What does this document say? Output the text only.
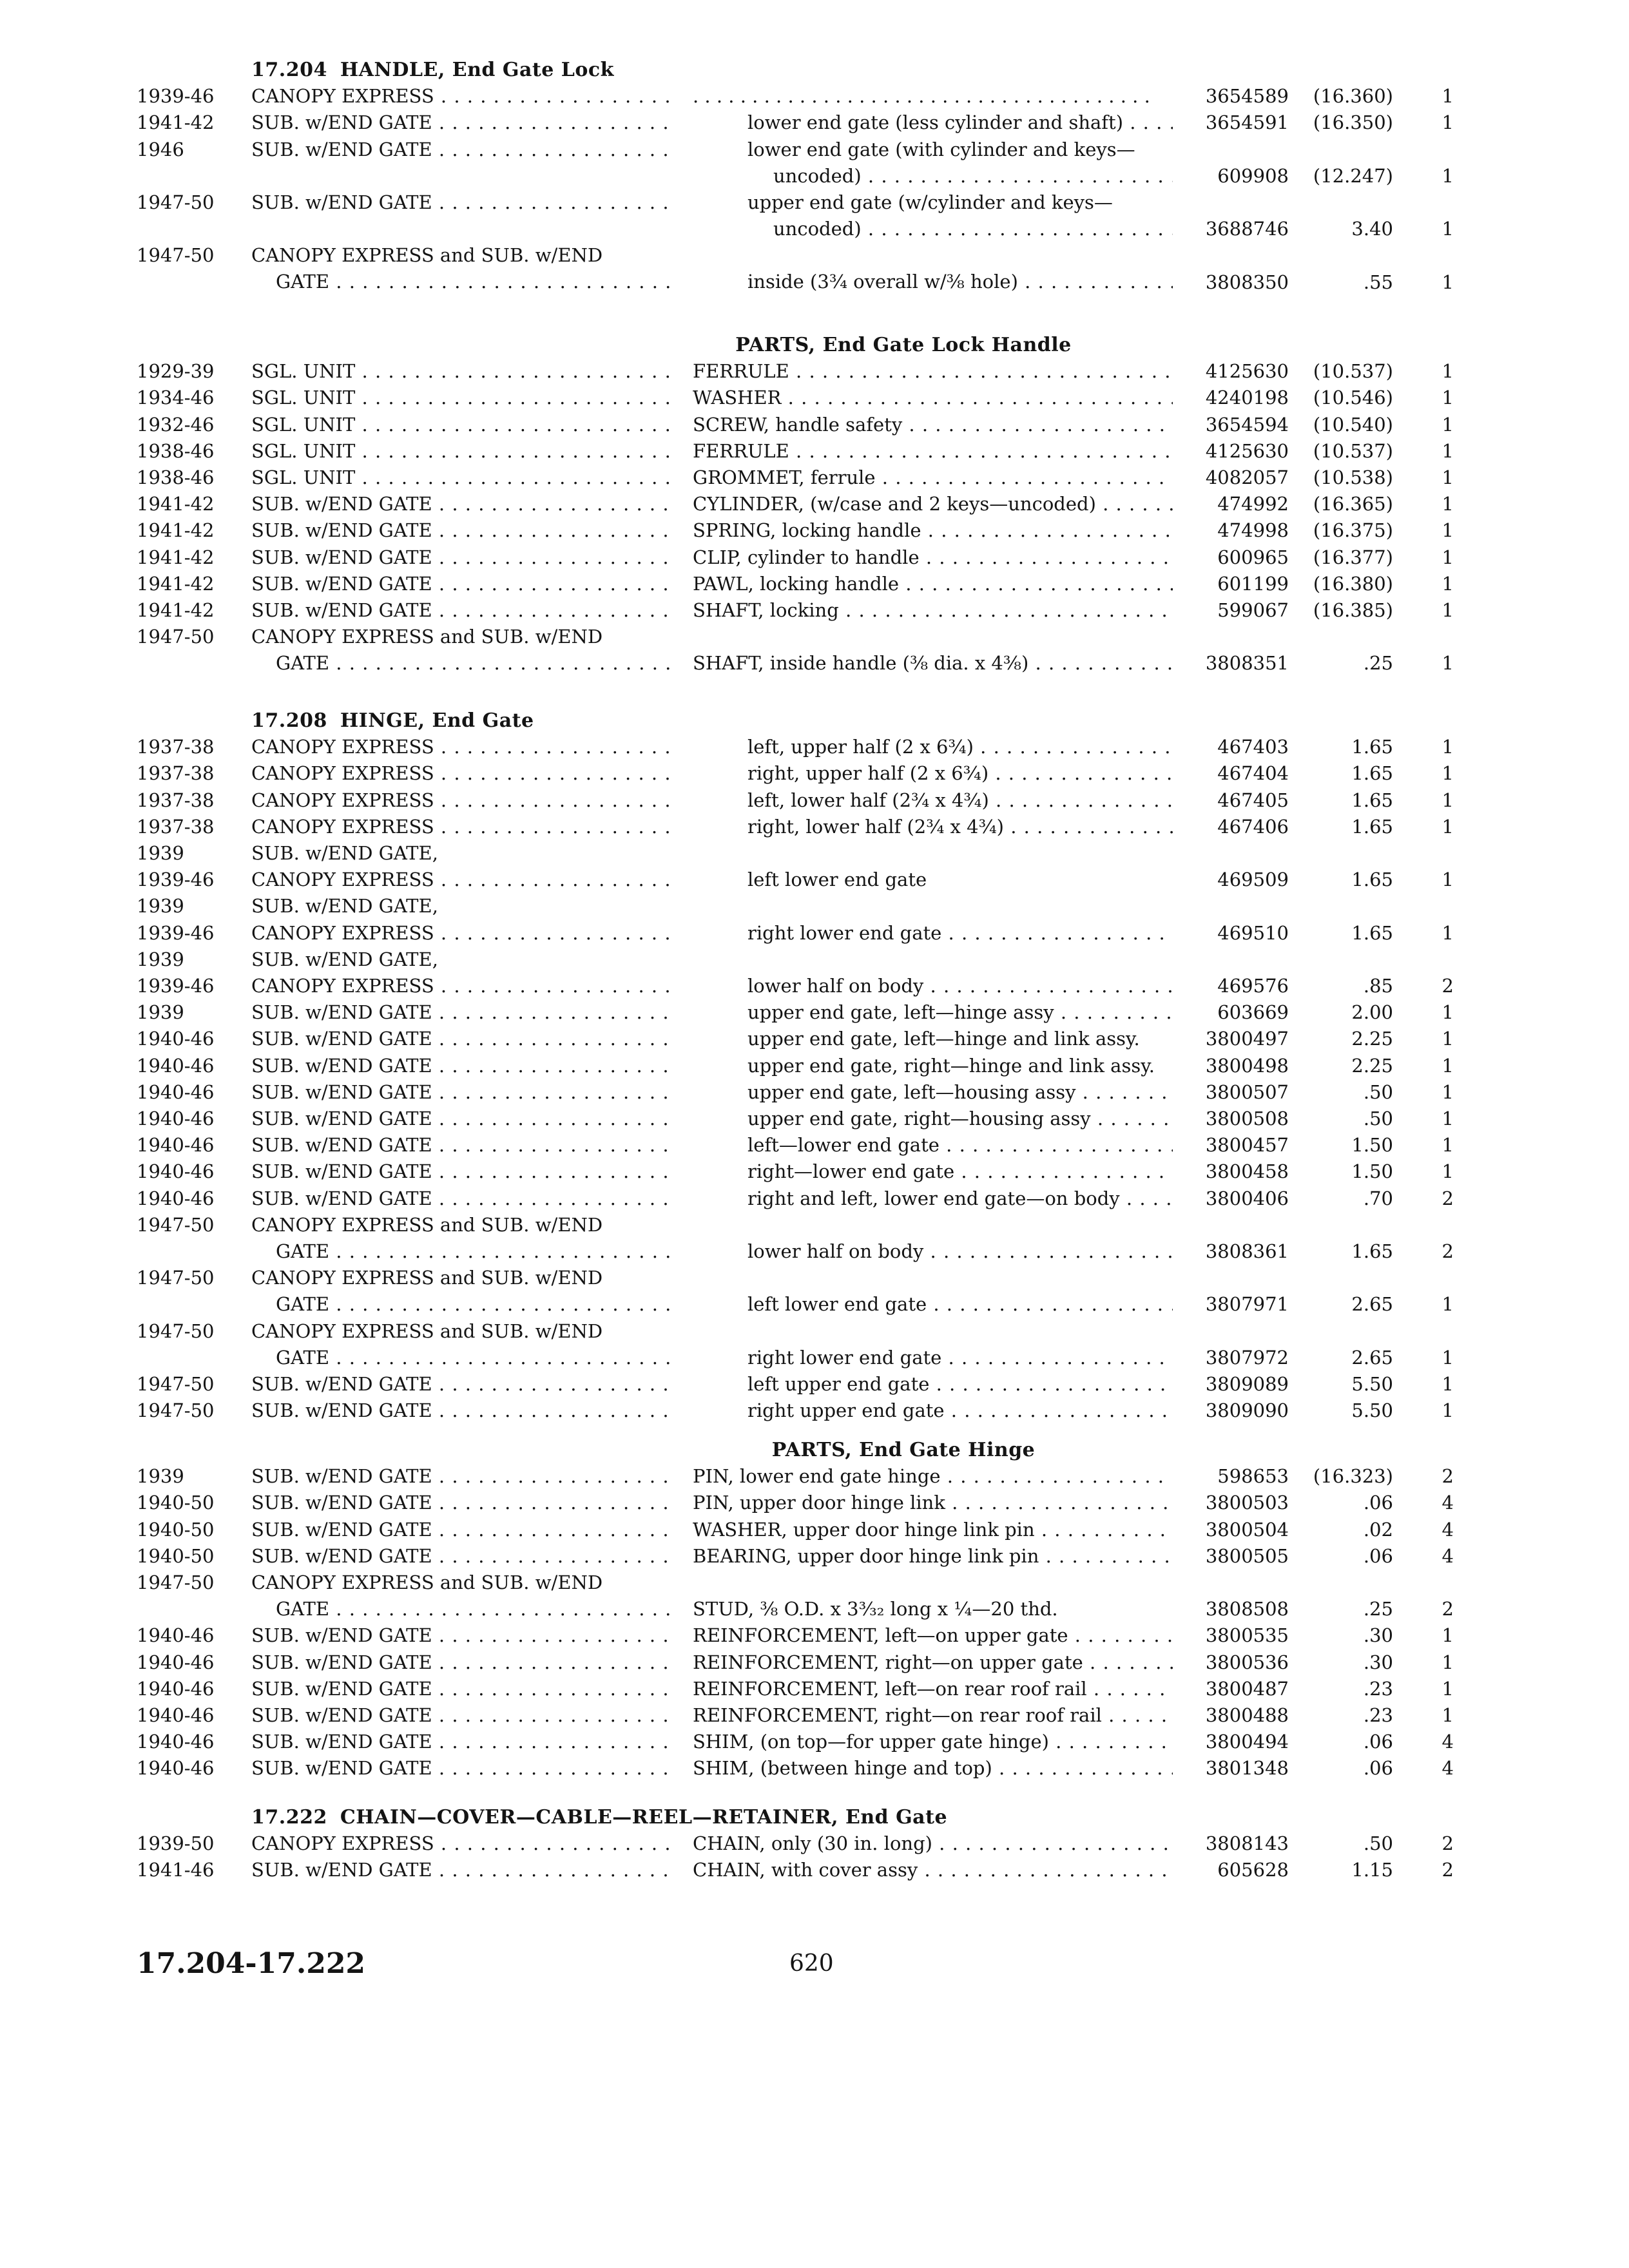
17.204 HANDLE, End Gate Lock
1939-46	CANOPY EXPRESS . . .	. . . . . . . . . . . . . . . . . . . . . . . . . . . . . . . . . . . . . . .	3654589	(16.360)	1
1941-42	SUB. w/END GATE . . .	lower end gate (less cylinder and shaft) . . .	3654591	(16.350)	1
1946	SUB. w/END GATE . . .	lower end gate (with cylinder and keys—
uncoded) . . .	609908	(12.247)	1
1947-50	SUB. w/END GATE . . .	upper end gate (w/cylinder and keys—
uncoded) . . .	3688746	3.40	1
1947-50	CANOPY EXPRESS and SUB. w/END
GATE . . .	inside (3¾ overall w/⅜ hole) . . .	3808350	.55	1
PARTS, End Gate Lock Handle
1929-39	SGL. UNIT . . .	FERRULE . . .	4125630	(10.537)	1
1934-46	SGL. UNIT . . .	WASHER . . .	4240198	(10.546)	1
1932-46	SGL. UNIT . . .	SCREW, handle safety . . .	3654594	(10.540)	1
1938-46	SGL. UNIT . . .	FERRULE . . .	4125630	(10.537)	1
1938-46	SGL. UNIT . . .	GROMMET, ferrule . . .	4082057	(10.538)	1
1941-42	SUB. w/END GATE . . .	CYLINDER, (w/case and 2 keys—uncoded) . . .	474992	(16.365)	1
1941-42	SUB. w/END GATE . . .	SPRING, locking handle . . .	474998	(16.375)	1
1941-42	SUB. w/END GATE . . .	CLIP, cylinder to handle . . .	600965	(16.377)	1
1941-42	SUB. w/END GATE . . .	PAWL, locking handle . . .	601199	(16.380)	1
1941-42	SUB. w/END GATE . . .	SHAFT, locking . . .	599067	(16.385)	1
1947-50	CANOPY EXPRESS and SUB. w/END
GATE . . .	SHAFT, inside handle (⅜ dia. x 4⅜) . . .	3808351	.25	1
17.208 HINGE, End Gate
1937-38	CANOPY EXPRESS . . .	left, upper half (2 x 6¾) . . .	467403	1.65	1
1937-38	CANOPY EXPRESS . . .	right, upper half (2 x 6¾) . . .	467404	1.65	1
1937-38	CANOPY EXPRESS . . .	left, lower half (2¾ x 4¾) . . .	467405	1.65	1
1937-38	CANOPY EXPRESS . . .	right, lower half (2¾ x 4¾) . . .	467406	1.65	1
1939	SUB. w/END GATE,
1939-46	CANOPY EXPRESS . . .	left lower end gate	469509	1.65	1
1939	SUB. w/END GATE,
1939-46	CANOPY EXPRESS . . .	right lower end gate . . .	469510	1.65	1
1939	SUB. w/END GATE,
1939-46	CANOPY EXPRESS . . .	lower half on body . . .	469576	.85	2
1939	SUB. w/END GATE . . .	upper end gate, left—hinge assy . . .	603669	2.00	1
1940-46	SUB. w/END GATE . . .	upper end gate, left—hinge and link assy.	3800497	2.25	1
1940-46	SUB. w/END GATE . . .	upper end gate, right—hinge and link assy.	3800498	2.25	1
1940-46	SUB. w/END GATE . . .	upper end gate, left—housing assy . . .	3800507	.50	1
1940-46	SUB. w/END GATE . . .	upper end gate, right—housing assy . . .	3800508	.50	1
1940-46	SUB. w/END GATE . . .	left—lower end gate . . .	3800457	1.50	1
1940-46	SUB. w/END GATE . . .	right—lower end gate . . .	3800458	1.50	1
1940-46	SUB. w/END GATE . . .	right and left, lower end gate—on body . . .	3800406	.70	2
1947-50	CANOPY EXPRESS and SUB. w/END
GATE . . .	lower half on body . . .	3808361	1.65	2
1947-50	CANOPY EXPRESS and SUB. w/END
GATE . . .	left lower end gate . . .	3807971	2.65	1
1947-50	CANOPY EXPRESS and SUB. w/END
GATE . . .	right lower end gate . . .	3807972	2.65	1
1947-50	SUB. w/END GATE . . .	left upper end gate . . .	3809089	5.50	1
1947-50	SUB. w/END GATE . . .	right upper end gate . . .	3809090	5.50	1
PARTS, End Gate Hinge
1939	SUB. w/END GATE . . .	PIN, lower end gate hinge . . .	598653	(16.323)	2
1940-50	SUB. w/END GATE . . .	PIN, upper door hinge link . . .	3800503	.06	4
1940-50	SUB. w/END GATE . . .	WASHER, upper door hinge link pin . . .	3800504	.02	4
1940-50	SUB. w/END GATE . . .	BEARING, upper door hinge link pin . . .	3800505	.06	4
1947-50	CANOPY EXPRESS and SUB. w/END
GATE . . .	STUD, ⅜ O.D. x 3³⁄₃₂ long x ¼—20 thd.	3808508	.25	2
1940-46	SUB. w/END GATE . . .	REINFORCEMENT, left—on upper gate . . .	3800535	.30	1
1940-46	SUB. w/END GATE . . .	REINFORCEMENT, right—on upper gate . . .	3800536	.30	1
1940-46	SUB. w/END GATE . . .	REINFORCEMENT, left—on rear roof rail . . .	3800487	.23	1
1940-46	SUB. w/END GATE . . .	REINFORCEMENT, right—on rear roof rail . . .	3800488	.23	1
1940-46	SUB. w/END GATE . . .	SHIM, (on top—for upper gate hinge) . . .	3800494	.06	4
1940-46	SUB. w/END GATE . . .	SHIM, (between hinge and top) . . .	3801348	.06	4
17.222 CHAIN—COVER—CABLE—REEL—RETAINER, End Gate
1939-50	CANOPY EXPRESS . . .	CHAIN, only (30 in. long) . . .	3808143	.50	2
1941-46	SUB. w/END GATE . . .	CHAIN, with cover assy . . .	605628	1.15	2
17.204-17.222	620
